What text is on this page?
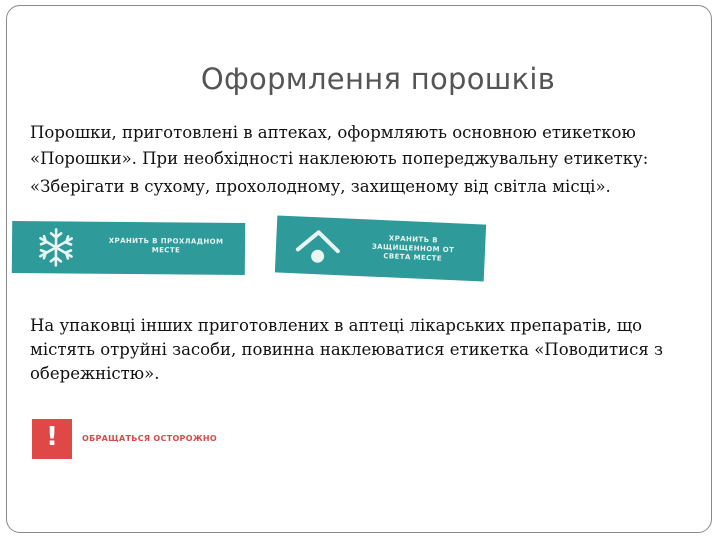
Оформлення порошків
Порошки, приготовлені в аптеках, оформляють основною етикеткою
«Порошки». При необхідності наклеюють попереджувальну етикетку: «Зберігати в сухому, прохолодному, захищеному від світла місці».
ХРАНИТЬ В ПРОХЛАДНОМ МЕСТЕ
ХРАНИТЬ В ЗАЩИЩЕННОМ ОТ СВЕТА МЕСТЕ
На упаковці інших приготовлених в аптеці лікарських препаратів, що містять отруйні засоби, повинна наклеюватися етикетка «Поводитися з обережністю».
!	ОБРАЩАТЬСЯ ОСТОРОЖНО
